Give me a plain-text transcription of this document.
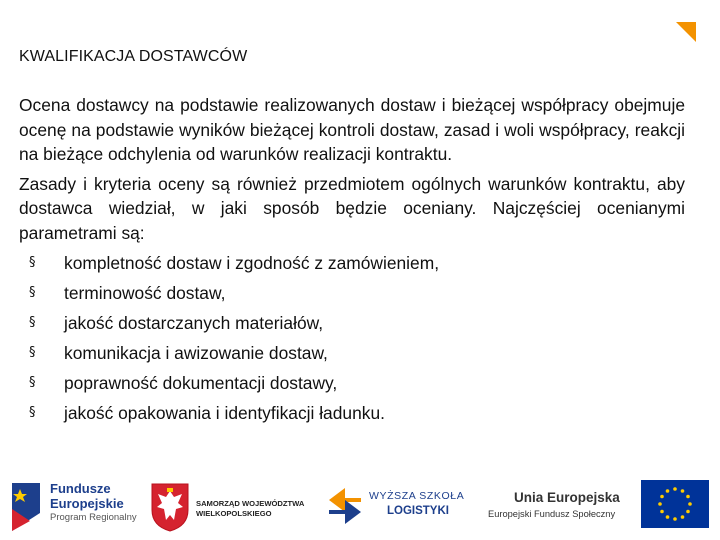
KWALIFIKACJA DOSTAWCÓW

Ocena dostawcy na podstawie realizowanych dostaw i bieżącej współpracy obejmuje ocenę na podstawie wyników bieżącej kontroli dostaw, zasad i woli współpracy, reakcji na bieżące odchylenia od warunków realizacji kontraktu.

Zasady i kryteria oceny są również przedmiotem ogólnych warunków kontraktu, aby dostawca wiedział, w jaki sposób będzie oceniany. Najczęściej ocenianymi parametrami są:

§ kompletność dostaw i zgodność z zamówieniem,
§ terminowość dostaw,
§ jakość dostarczanych materiałów,
§ komunikacja i awizowanie dostaw,
§ poprawność dokumentacji dostawy,
§ jakość opakowania i identyfikacji ładunku.
Fundusze
Europejskie
Program Regionalny
SAMORZĄD WOJEWÓDZTWA
WIELKOPOLSKIEGO
WYŻSZA SZKOŁA
LOGISTYKI
Unia Europejska
Europejski Fundusz Społeczny
